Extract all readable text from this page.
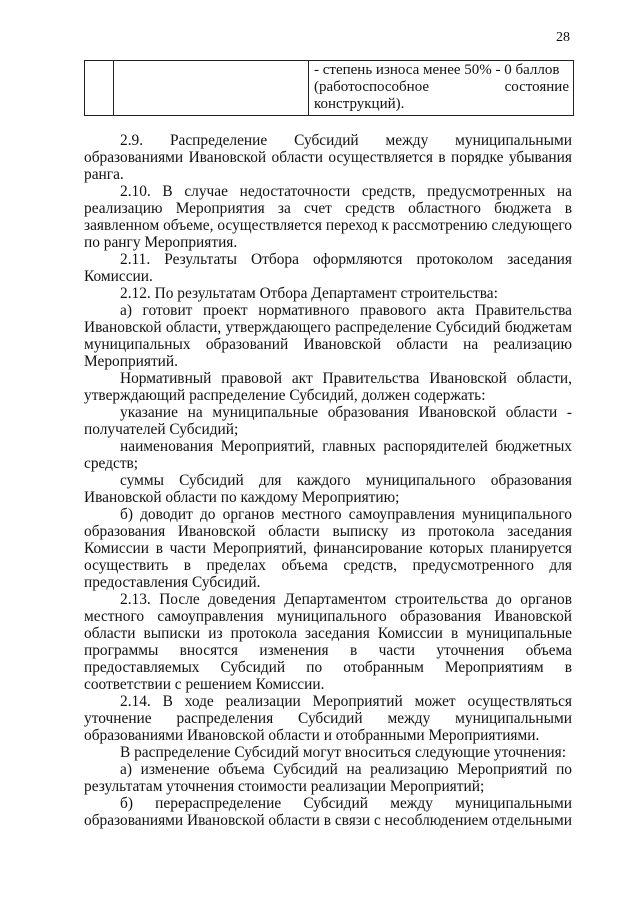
28

- степень износа менее 50% - 0 баллов
(работоспособное состояние
конструкций).

2.9. Распределение Субсидий между муниципальными образованиями Ивановской области осуществляется в порядке убывания ранга.

2.10. В случае недостаточности средств, предусмотренных на реализацию Мероприятия за счет средств областного бюджета в заявленном объеме, осуществляется переход к рассмотрению следующего по рангу Мероприятия.

2.11. Результаты Отбора оформляются протоколом заседания Комиссии.

2.12. По результатам Отбора Департамент строительства:

а) готовит проект нормативного правового акта Правительства Ивановской области, утверждающего распределение Субсидий бюджетам муниципальных образований Ивановской области на реализацию Мероприятий.

Нормативный правовой акт Правительства Ивановской области, утверждающий распределение Субсидий, должен содержать:

указание на муниципальные образования Ивановской области - получателей Субсидий;

наименования Мероприятий, главных распорядителей бюджетных средств;

суммы Субсидий для каждого муниципального образования Ивановской области по каждому Мероприятию;

б) доводит до органов местного самоуправления муниципального образования Ивановской области выписку из протокола заседания Комиссии в части Мероприятий, финансирование которых планируется осуществить в пределах объема средств, предусмотренного для предоставления Субсидий.

2.13. После доведения Департаментом строительства до органов местного самоуправления муниципального образования Ивановской области выписки из протокола заседания Комиссии в муниципальные программы вносятся изменения в части уточнения объема предоставляемых Субсидий по отобранным Мероприятиям в соответствии с решением Комиссии.

2.14. В ходе реализации Мероприятий может осуществляться уточнение распределения Субсидий между муниципальными образованиями Ивановской области и отобранными Мероприятиями.

В распределение Субсидий могут вноситься следующие уточнения:

а) изменение объема Субсидий на реализацию Мероприятий по результатам уточнения стоимости реализации Мероприятий;

б) перераспределение Субсидий между муниципальными образованиями Ивановской области в связи с несоблюдением отдельными
